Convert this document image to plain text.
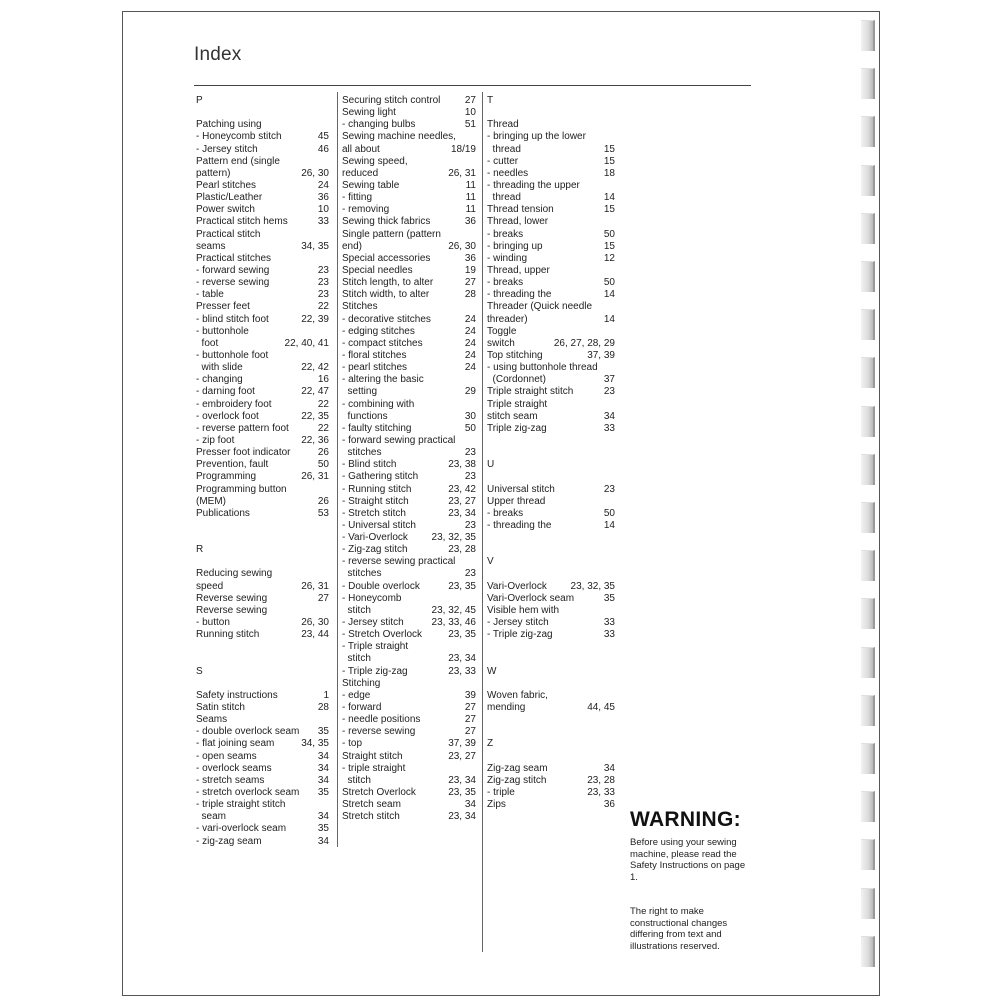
Index
P
Patching using
- Honeycomb stitch	45
- Jersey stitch	46
Pattern end (single
pattern)	26, 30
Pearl stitches	24
Plastic/Leather	36
Power switch	10
Practical stitch hems	33
Practical stitch
seams	34, 35
Practical stitches
- forward sewing	23
- reverse sewing	23
- table	23
Presser feet	22
- blind stitch foot	22, 39
- buttonhole
foot	22, 40, 41
- buttonhole foot
with slide	22, 42
- changing	16
- darning foot	22, 47
- embroidery foot	22
- overlock foot	22, 35
- reverse pattern foot	22
- zip foot	22, 36
Presser foot indicator	26
Prevention, fault	50
Programming	26, 31
Programming button
(MEM)	26
Publications	53
R
Reducing sewing
speed	26, 31
Reverse sewing	27
Reverse sewing
- button	26, 30
Running stitch	23, 44
S
Safety instructions	1
Satin stitch	28
Seams
- double overlock seam	35
- flat joining seam	34, 35
- open seams	34
- overlock seams	34
- stretch seams	34
- stretch overlock seam	35
- triple straight stitch
seam	34
- vari-overlock seam	35
- zig-zag seam	34
Securing stitch control	27
Sewing light	10
- changing bulbs	51
Sewing machine needles,
all about	18/19
Sewing speed,
reduced	26, 31
Sewing table	11
- fitting	11
- removing	11
Sewing thick fabrics	36
Single pattern (pattern
end)	26, 30
Special accessories	36
Special needles	19
Stitch length, to alter	27
Stitch width, to alter	28
Stitches
- decorative stitches	24
- edging stitches	24
- compact stitches	24
- floral stitches	24
- pearl stitches	24
- altering the basic
setting	29
- combining with
functions	30
- faulty stitching	50
- forward sewing practical
stitches	23
- Blind stitch	23, 38
- Gathering stitch	23
- Running stitch	23, 42
- Straight stitch	23, 27
- Stretch stitch	23, 34
- Universal stitch	23
- Vari-Overlock	23, 32, 35
- Zig-zag stitch	23, 28
- reverse sewing practical
stitches	23
- Double overlock	23, 35
- Honeycomb
stitch	23, 32, 45
- Jersey stitch	23, 33, 46
- Stretch Overlock	23, 35
- Triple straight
stitch	23, 34
- Triple zig-zag	23, 33
Stitching
- edge	39
- forward	27
- needle positions	27
- reverse sewing	27
- top	37, 39
Straight stitch	23, 27
- triple straight
stitch	23, 34
Stretch Overlock	23, 35
Stretch seam	34
Stretch stitch	23, 34
T
Thread
- bringing up the lower
thread	15
- cutter	15
- needles	18
- threading the upper
thread	14
Thread tension	15
Thread, lower
- breaks	50
- bringing up	15
- winding	12
Thread, upper
- breaks	50
- threading the	14
Threader (Quick needle
threader)	14
Toggle
switch	26, 27, 28, 29
Top stitching	37, 39
- using buttonhole thread
(Cordonnet)	37
Triple straight stitch	23
Triple straight
stitch seam	34
Triple zig-zag	33
U
Universal stitch	23
Upper thread
- breaks	50
- threading the	14
V
Vari-Overlock	23, 32, 35
Vari-Overlock seam	35
Visible hem with
- Jersey stitch	33
- Triple zig-zag	33
W
Woven fabric,
mending	44, 45
Z
Zig-zag seam	34
Zig-zag stitch	23, 28
- triple	23, 33
Zips	36
WARNING:
Before using your sewing machine, please read the Safety Instructions on page 1.
The right to make constructional changes differing from text and illustrations reserved.
